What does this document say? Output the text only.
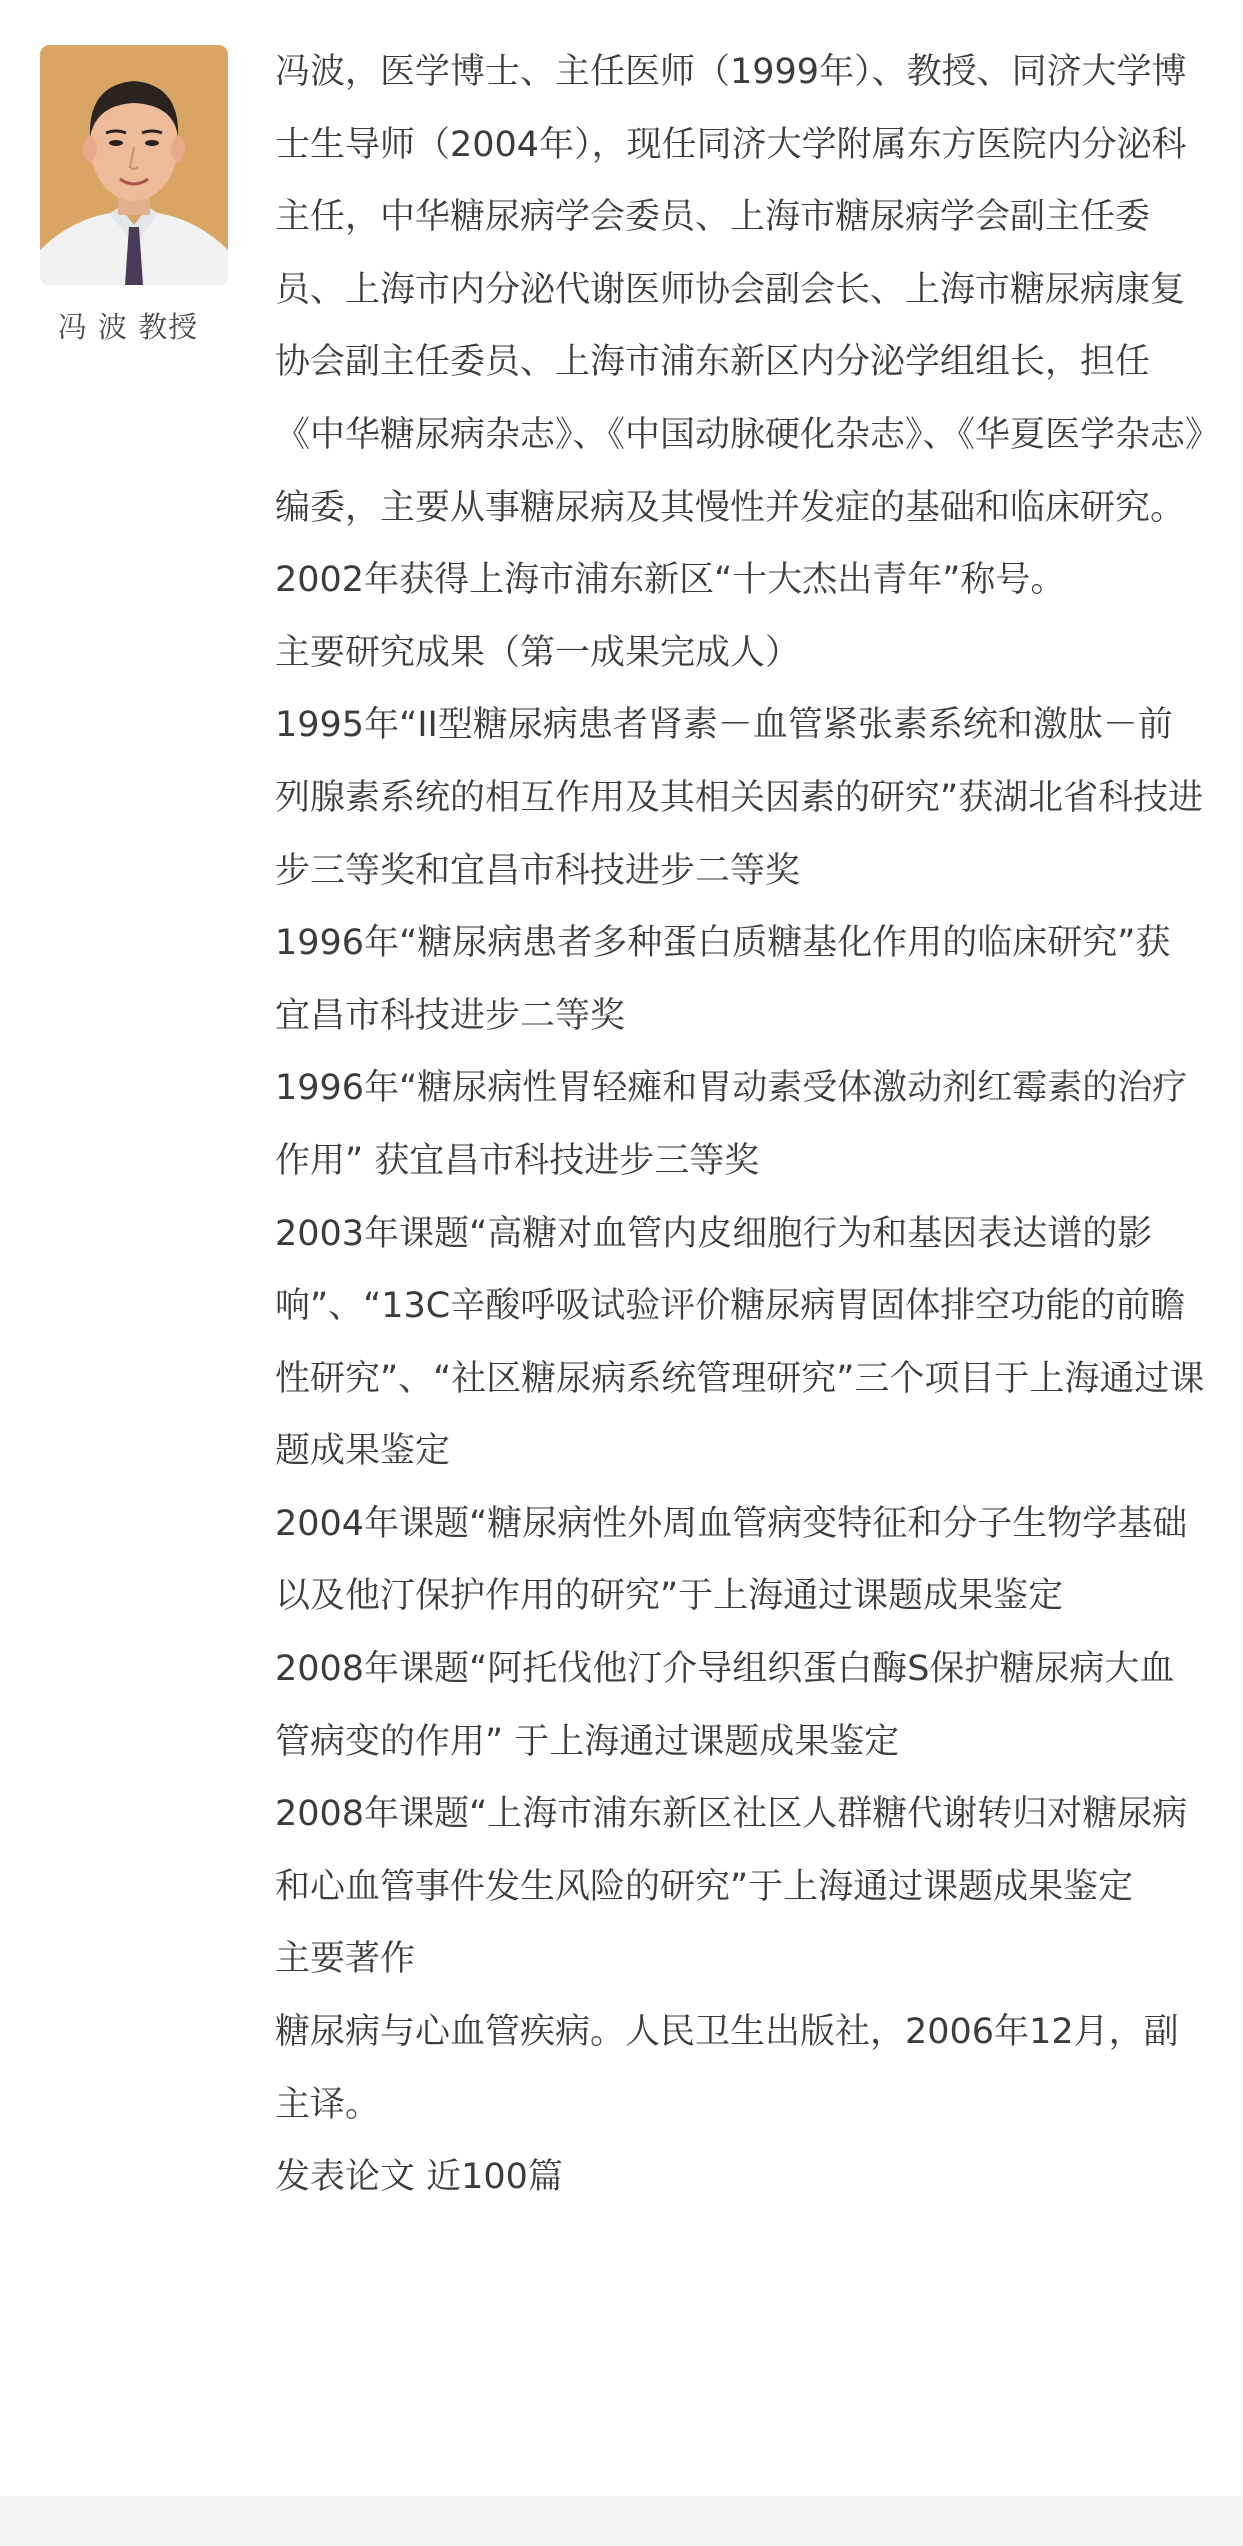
冯 波 教授

冯波，医学博士、主任医师（1999年）、教授、同济大学博士生导师（2004年），现任同济大学附属东方医院内分泌科主任，中华糖尿病学会委员、上海市糖尿病学会副主任委员、上海市内分泌代谢医师协会副会长、上海市糖尿病康复协会副主任委员、上海市浦东新区内分泌学组组长，担任《中华糖尿病杂志》、《中国动脉硬化杂志》、《华夏医学杂志》编委，主要从事糖尿病及其慢性并发症的基础和临床研究。2002年获得上海市浦东新区“十大杰出青年”称号。

主要研究成果（第一成果完成人）

1995年“II型糖尿病患者肾素－血管紧张素系统和激肽－前列腺素系统的相互作用及其相关因素的研究”获湖北省科技进步三等奖和宜昌市科技进步二等奖

1996年“糖尿病患者多种蛋白质糖基化作用的临床研究”获宜昌市科技进步二等奖

1996年“糖尿病性胃轻瘫和胃动素受体激动剂红霉素的治疗作用” 获宜昌市科技进步三等奖

2003年课题“高糖对血管内皮细胞行为和基因表达谱的影响”、“13C辛酸呼吸试验评价糖尿病胃固体排空功能的前瞻性研究”、“社区糖尿病系统管理研究”三个项目于上海通过课题成果鉴定

2004年课题“糖尿病性外周血管病变特征和分子生物学基础以及他汀保护作用的研究”于上海通过课题成果鉴定

2008年课题“阿托伐他汀介导组织蛋白酶S保护糖尿病大血管病变的作用” 于上海通过课题成果鉴定

2008年课题“上海市浦东新区社区人群糖代谢转归对糖尿病和心血管事件发生风险的研究”于上海通过课题成果鉴定

主要著作

糖尿病与心血管疾病。人民卫生出版社，2006年12月，副主译。

发表论文 近100篇
